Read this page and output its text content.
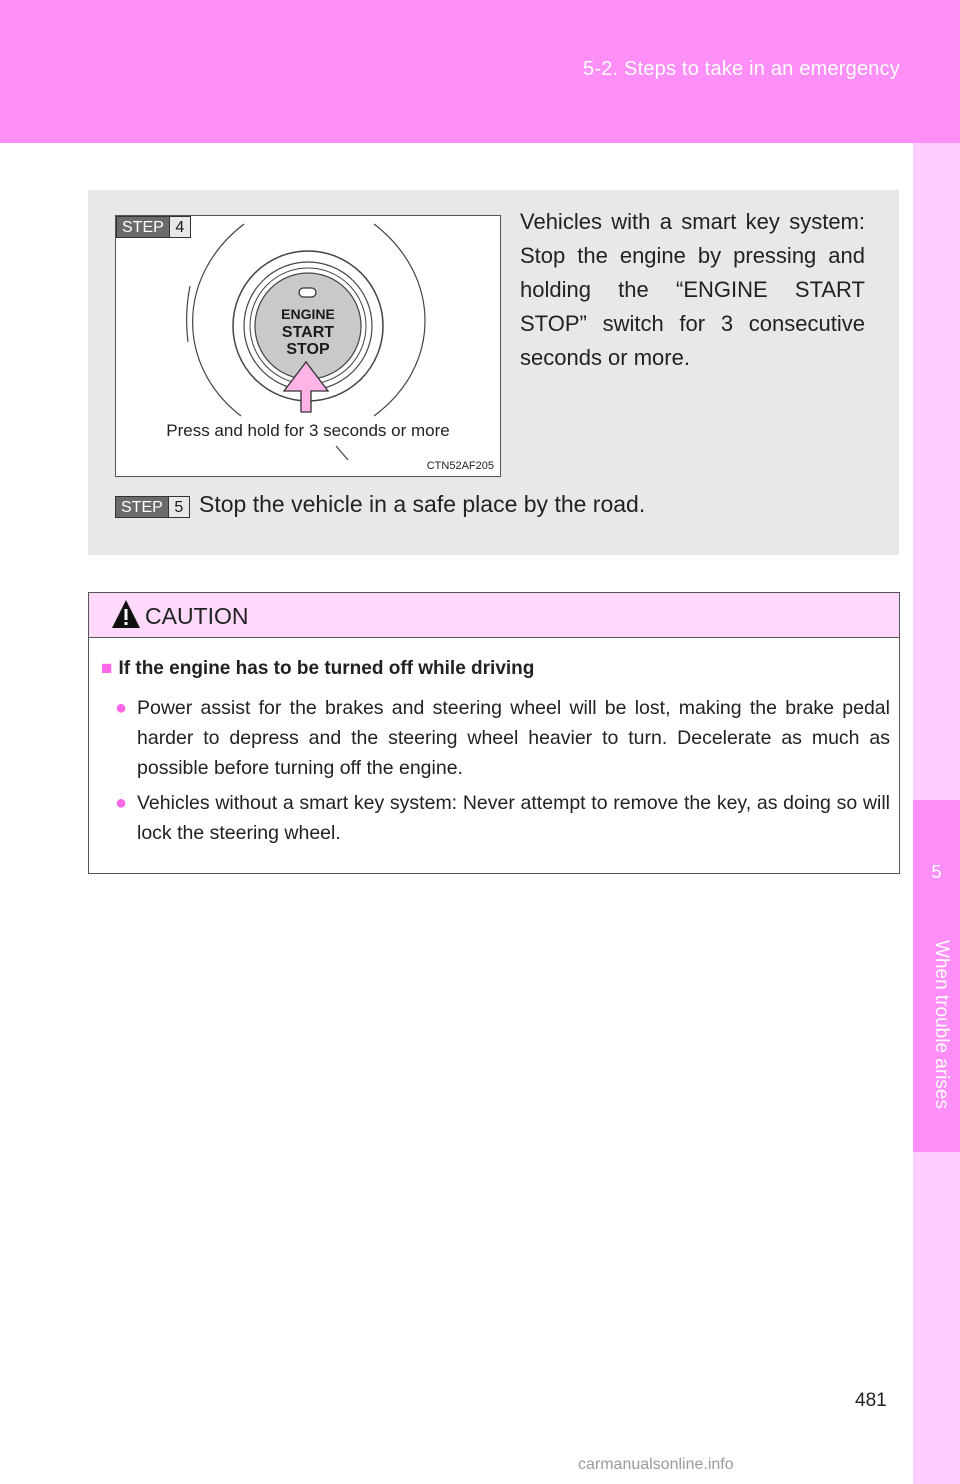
5-2. Steps to take in an emergency
5
When trouble arises
STEP 4
ENGINE
START
STOP
Press and hold for 3 seconds or more
CTN52AF205
Vehicles with a smart key system: Stop the engine by pressing and holding the “ENGINE START STOP” switch for 3 consecutive seconds or more.
STEP 5 Stop the vehicle in a safe place by the road.
CAUTION
■ If the engine has to be turned off while driving
● Power assist for the brakes and steering wheel will be lost, making the brake pedal harder to depress and the steering wheel heavier to turn. Decelerate as much as possible before turning off the engine.
● Vehicles without a smart key system: Never attempt to remove the key, as doing so will lock the steering wheel.
481
carmanualsonline.info
